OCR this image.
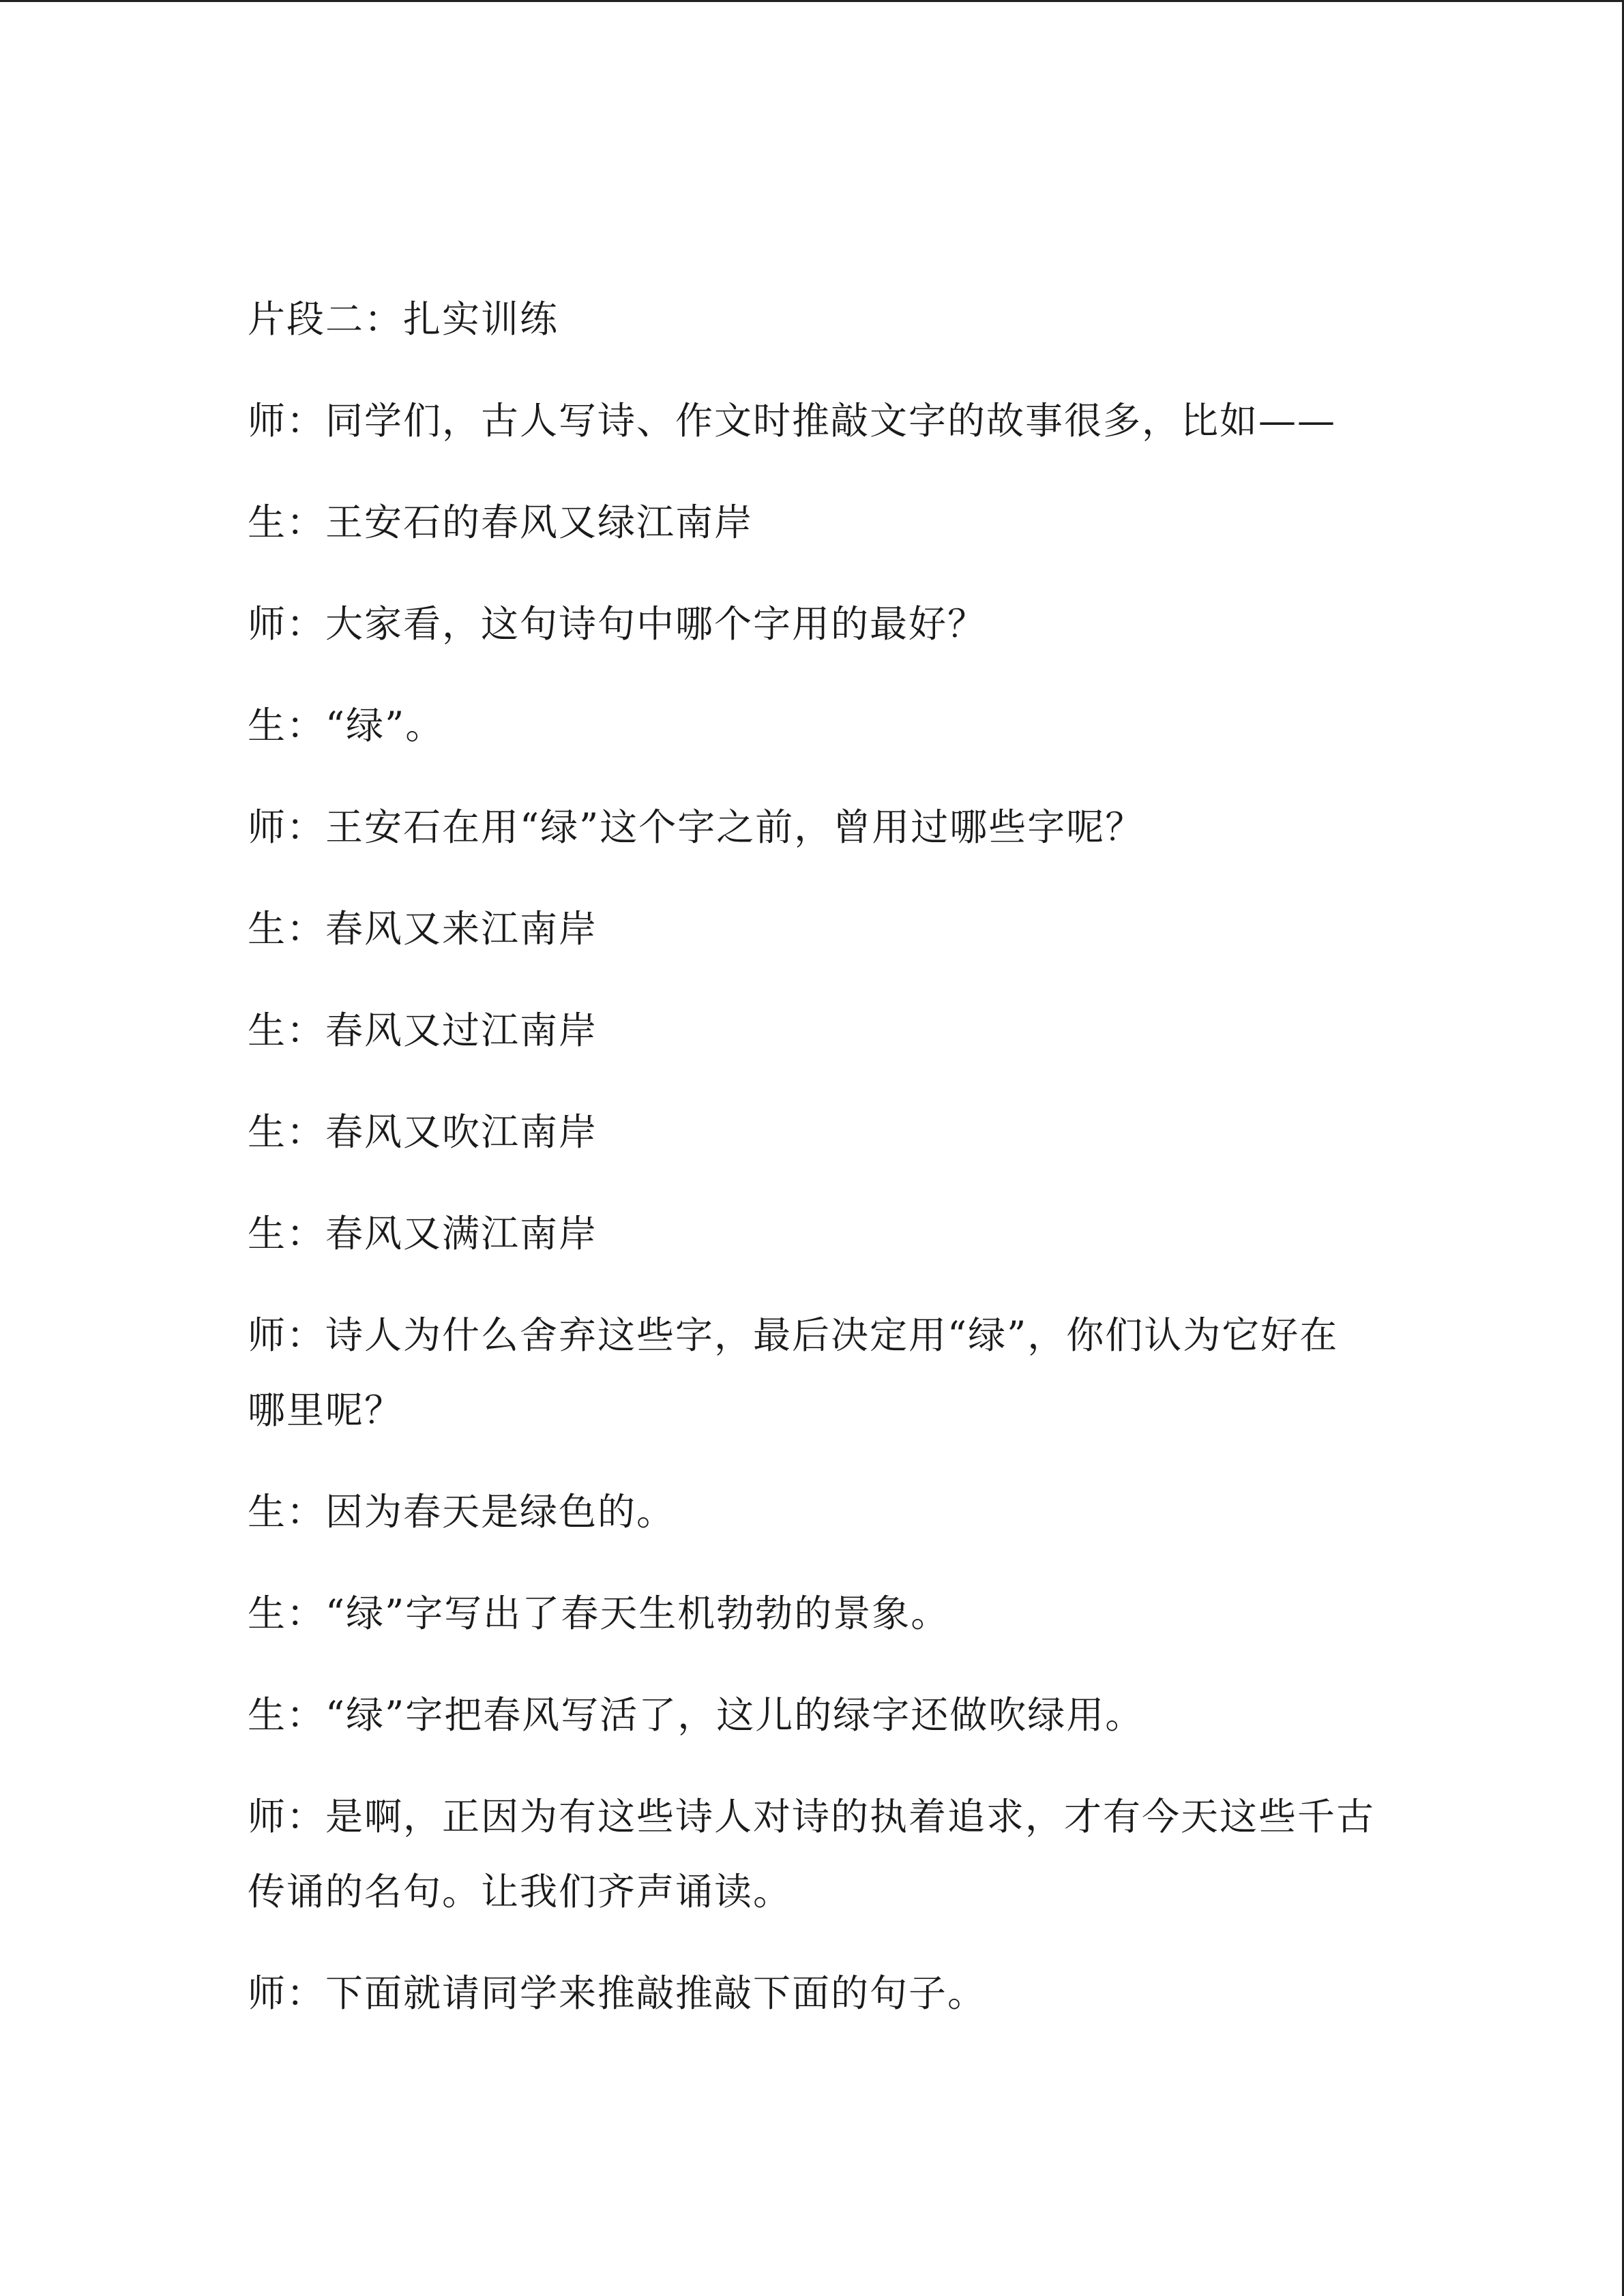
片段二：扎实训练

师：同学们，古人写诗、作文时推敲文字的故事很多，比如——

生：王安石的春风又绿江南岸

师：大家看，这句诗句中哪个字用的最好？

生：“绿”。

师：王安石在用“绿”这个字之前，曾用过哪些字呢？

生：春风又来江南岸

生：春风又过江南岸

生：春风又吹江南岸

生：春风又满江南岸

师：诗人为什么舍弃这些字，最后决定用“绿”，你们认为它好在

哪里呢？

生：因为春天是绿色的。

生：“绿”字写出了春天生机勃勃的景象。

生：“绿”字把春风写活了，这儿的绿字还做吹绿用。

师：是啊，正因为有这些诗人对诗的执着追求，才有今天这些千古

传诵的名句。让我们齐声诵读。

师：下面就请同学来推敲推敲下面的句子。
